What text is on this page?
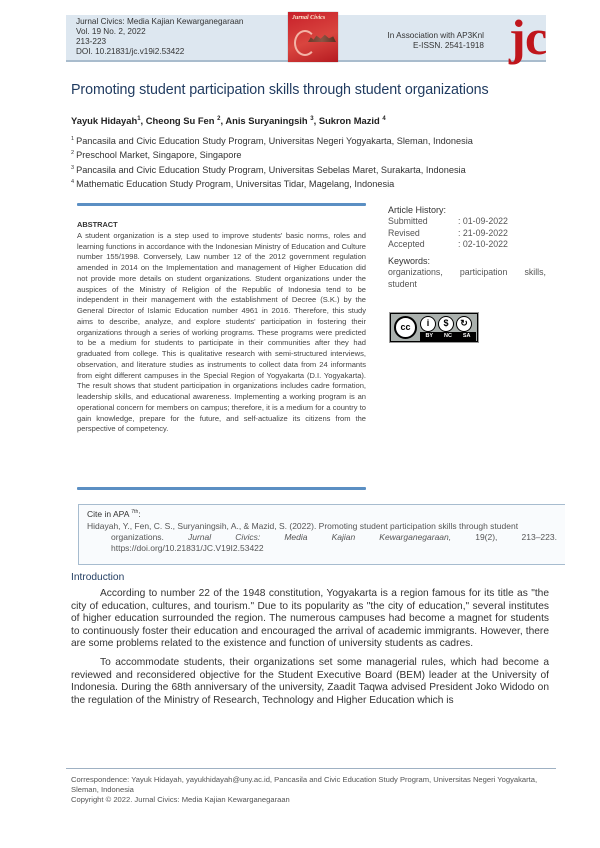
Jurnal Civics: Media Kajian Kewarganegaraan
Vol. 19 No. 2, 2022
213-223
DOI. 10.21831/jc.v19i2.53422
In Association with AP3Knl
E-ISSN. 2541-1918
Jurnal Civics	j c
Promoting student participation skills through student organizations
Yayuk Hidayah$^1$, Cheong Su Fen $^2$, Anis Suryaningsih $^3$, Sukron Mazid $^4$
$^1$ Pancasila and Civic Education Study Program, Universitas Negeri Yogyakarta, Sleman, Indonesia
$^2$ Preschool Market, Singapore, Singapore
$^3$ Pancasila and Civic Education Study Program, Universitas Sebelas Maret, Surakarta, Indonesia
$^4$ Mathematic Education Study Program, Universitas Tidar, Magelang, Indonesia
ABSTRACT
A student organization is a step used to improve students' basic norms, roles and learning functions in accordance with the Indonesian Ministry of Education and Culture number 155/1998. Conversely, Law number 12 of the 2012 government regulation amended in 2014 on the Implementation and management of Higher Education did not provide more details on student organizations. Student organizations under the auspices of the Ministry of Religion of the Republic of Indonesia tend to be independent in their management with the establishment of Decree (S.K.) by the General Director of Islamic Education number 4961 in 2016. Therefore, this study aims to describe, analyze, and explore students' participation in fostering their organizations through a series of working programs. These programs were predicted to be a medium for students to participate in their communities after they had graduated from college. This is qualitative research with semi-structured interviews, observation, and literature studies as instruments to collect data from 24 informants from eight different campuses in the Special Region of Yogyakarta (D.I. Yogyakarta). The result shows that student participation in organizations includes cadre formation, leadership skills, and educational awareness. Implementing a working program is an operational concern for members on campus; therefore, it is a medium for a country to gain knowledge, prepare for the future, and self-actualize its citizens from the perspective of competency.
Article History:
Submitted	: 01-09-2022
Revised	: 21-09-2022
Accepted	: 02-10-2022
Keywords:
organizations, participation skills,
student
cc	i	$	↻
BY NC SA
Cite in APA $^{7th}$:
Hidayah, Y., Fen, C. S., Suryaningsih, A., & Mazid, S. (2022). Promoting student participation skills through student
organizations.	Jurnal	Civics:	Media	Kajian	Kewarganegaraan,	19(2),	213–223.
https://doi.org/10.21831/JC.V19I2.53422
Introduction

According to number 22 of the 1948 constitution, Yogyakarta is a region famous for its title as "the city of education, cultures, and tourism." Due to its popularity as "the city of education," several institutes of higher education surrounded the region. The numerous campuses had become a magnet for students to continuously foster their education and encouraged the arrival of academic immigrants. However, there are some problems related to the existence and function of university students as cadres.

To accommodate students, their organizations set some managerial rules, which had become a reviewed and reconsidered objective for the Student Executive Board (BEM) leader at the University of Indonesia. During the 68th anniversary of the university, Zaadit Taqwa advised President Joko Widodo on the regulation of the Ministry of Research, Technology and Higher Education which is

Correspondence: Yayuk Hidayah, yayukhidayah@uny.ac.id, Pancasila and Civic Education Study Program, Universitas Negeri Yogyakarta, Sleman, Indonesia
Copyright © 2022. Jurnal Civics: Media Kajian Kewarganegaraan
